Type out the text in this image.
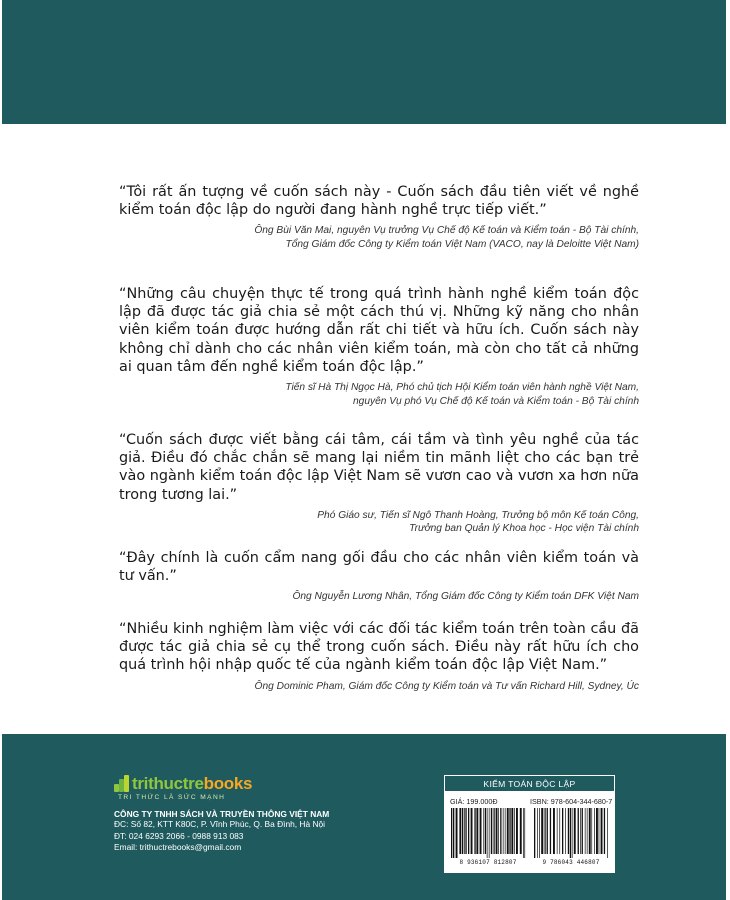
“Tôi rất ấn tượng về cuốn sách này - Cuốn sách đầu tiên viết về nghề kiểm toán độc lập do người đang hành nghề trực tiếp viết.”

Ông Bùi Văn Mai, nguyên Vụ trưởng Vụ Chế độ Kế toán và Kiểm toán - Bộ Tài chính,
Tổng Giám đốc Công ty Kiểm toán Việt Nam (VACO, nay là Deloitte Việt Nam)

“Những câu chuyện thực tế trong quá trình hành nghề kiểm toán độc lập đã được tác giả chia sẻ một cách thú vị. Những kỹ năng cho nhân viên kiểm toán được hướng dẫn rất chi tiết và hữu ích. Cuốn sách này không chỉ dành cho các nhân viên kiểm toán, mà còn cho tất cả những ai quan tâm đến nghề kiểm toán độc lập.”

Tiến sĩ Hà Thị Ngọc Hà, Phó chủ tịch Hội Kiểm toán viên hành nghề Việt Nam,
nguyên Vụ phó Vụ Chế độ Kế toán và Kiểm toán - Bộ Tài chính

“Cuốn sách được viết bằng cái tâm, cái tầm và tình yêu nghề của tác giả. Điều đó chắc chắn sẽ mang lại niềm tin mãnh liệt cho các bạn trẻ vào ngành kiểm toán độc lập Việt Nam sẽ vươn cao và vươn xa hơn nữa trong tương lai.”

Phó Giáo sư, Tiến sĩ Ngô Thanh Hoàng, Trưởng bộ môn Kế toán Công,
Trưởng ban Quản lý Khoa học - Học viện Tài chính

“Đây chính là cuốn cẩm nang gối đầu cho các nhân viên kiểm toán và tư vấn.”

Ông Nguyễn Lương Nhân, Tổng Giám đốc Công ty Kiểm toán DFK Việt Nam

“Nhiều kinh nghiệm làm việc với các đối tác kiểm toán trên toàn cầu đã được tác giả chia sẻ cụ thể trong cuốn sách. Điều này rất hữu ích cho quá trình hội nhập quốc tế của ngành kiểm toán độc lập Việt Nam.”

Ông Dominic Pham, Giám đốc Công ty Kiểm toán và Tư vấn Richard Hill, Sydney, Úc
trithuctrebooks
TRI THỨC LÀ SỨC MẠNH
CÔNG TY TNHH SÁCH VÀ TRUYỀN THÔNG VIỆT NAM
ĐC: Số 82, KTT K80C, P. Vĩnh Phúc, Q. Ba Đình, Hà Nội
ĐT: 024 6293 2066 - 0988 913 083
Email: trithuctrebooks@gmail.com
KIỂM TOÁN ĐỘC LẬP
GIÁ: 199.000Đ	ISBN: 978-604-344-680-7
8 936107 812807	9 786043 446807
